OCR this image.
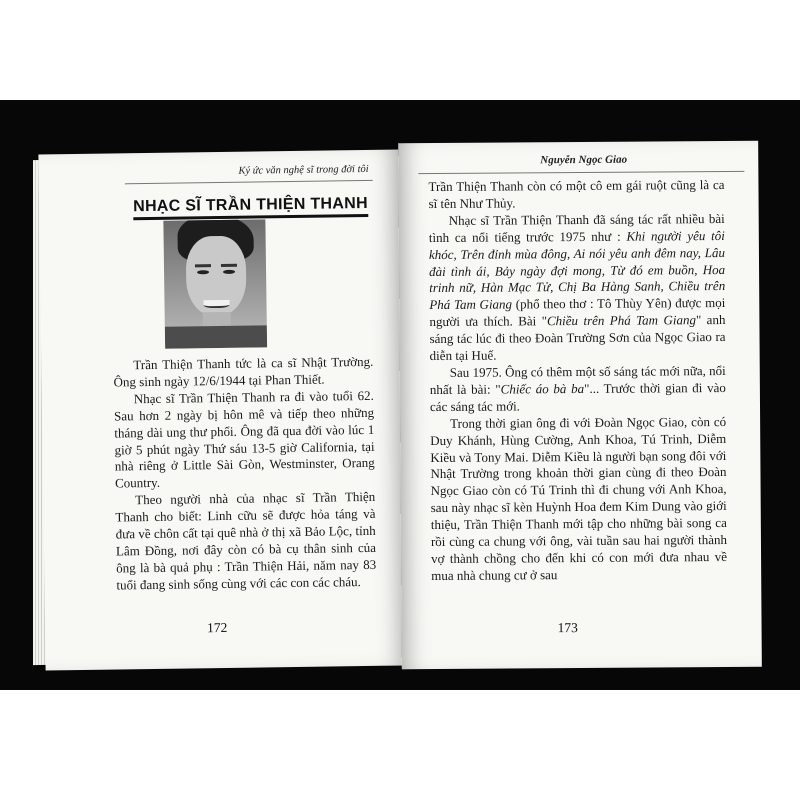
Ký ức văn nghệ sĩ trong đời tôi
NHẠC SĨ TRẦN THIỆN THANH

Trần Thiện Thanh tức là ca sĩ Nhật Trường. Ông sinh ngày 12/6/1944 tại Phan Thiết.

Nhạc sĩ Trần Thiện Thanh ra đi vào tuổi 62. Sau hơn 2 ngày bị hôn mê và tiếp theo những tháng dài ung thư phổi. Ông đã qua đời vào lúc 1 giờ 5 phút ngày Thứ sáu 13-5 giờ California, tại nhà riêng ở Little Sài Gòn, Westminster, Orang Country.

Theo người nhà của nhạc sĩ Trần Thiện Thanh cho biết: Linh cữu sẽ được hỏa táng và đưa về chôn cất tại quê nhà ở thị xã Bảo Lộc, tỉnh Lâm Đồng, nơi đây còn có bà cụ thân sinh của ông là bà quả phụ : Trần Thiện Hải, năm nay 83 tuổi đang sinh sống cùng với các con các cháu.

172
Nguyễn Ngọc Giao

Trần Thiện Thanh còn có một cô em gái ruột cũng là ca sĩ tên Như Thủy.

Nhạc sĩ Trần Thiện Thanh đã sáng tác rất nhiều bài tình ca nổi tiếng trước 1975 như : Khi người yêu tôi khóc, Trên đỉnh mùa đông, Ai nói yêu anh đêm nay, Lâu đài tình ái, Bảy ngày đợi mong, Từ đó em buồn, Hoa trinh nữ, Hàn Mạc Tử, Chị Ba Hàng Sanh, Chiều trên Phá Tam Giang (phổ theo thơ : Tô Thùy Yên) được mọi người ưa thích. Bài "Chiều trên Phá Tam Giang" anh sáng tác lúc đi theo Đoàn Trường Sơn của Ngọc Giao ra diễn tại Huế.

Sau 1975. Ông có thêm một số sáng tác mới nữa, nổi nhất là bài: "Chiếc áo bà ba"... Trước thời gian đi vào các sáng tác mới.

Trong thời gian ông đi với Đoàn Ngọc Giao, còn có Duy Khánh, Hùng Cường, Anh Khoa, Tú Trinh, Diễm Kiều và Tony Mai. Diễm Kiều là người bạn song đôi với Nhật Trường trong khoản thời gian cùng đi theo Đoàn Ngọc Giao còn có Tú Trinh thì đi chung với Anh Khoa, sau này nhạc sĩ kèn Huỳnh Hoa đem Kim Dung vào giới thiệu, Trần Thiện Thanh mới tập cho những bài song ca rồi cùng ca chung với ông, vài tuần sau hai người thành vợ thành chồng cho đến khi có con mới đưa nhau về mua nhà chung cư ở sau

173
